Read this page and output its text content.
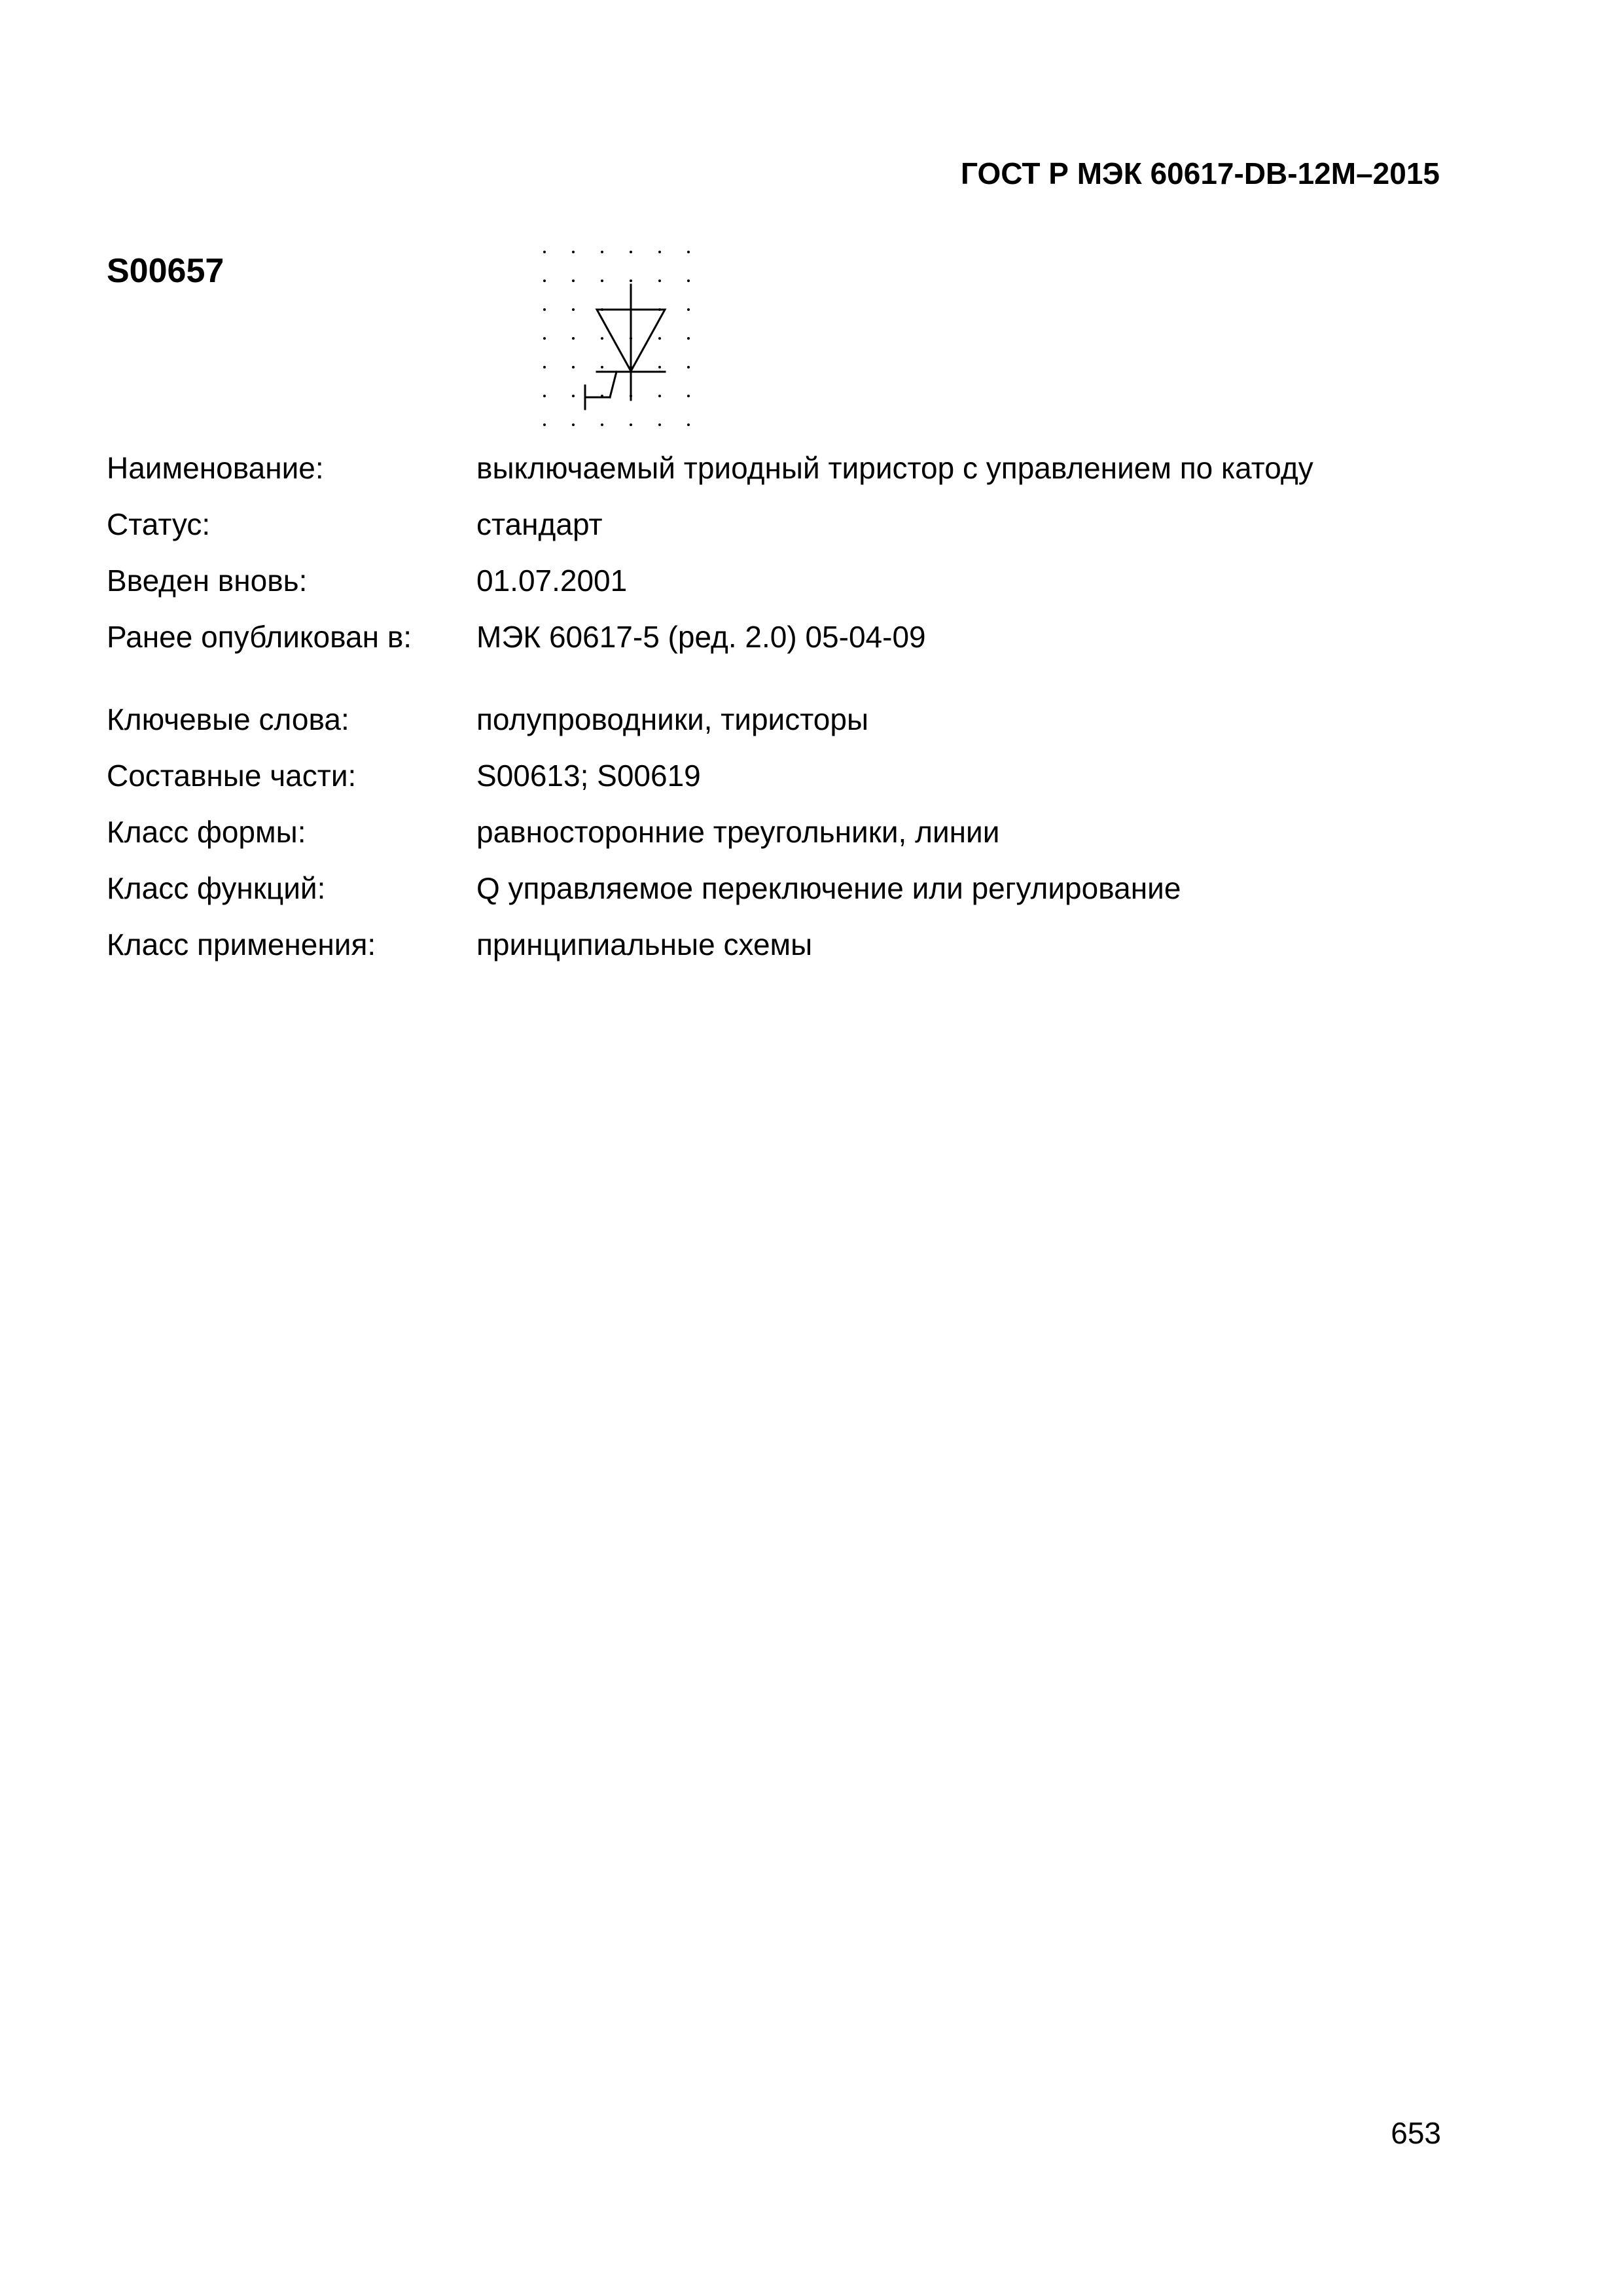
ГОСТ Р МЭК 60617-DB-12M–2015
S00657
Наименование:	выключаемый триодный тиристор с управлением по катоду
Статус:	стандарт
Введен вновь:	01.07.2001
Ранее опубликован в:	МЭК 60617-5 (ред. 2.0) 05-04-09
Ключевые слова:	полупроводники, тиристоры
Составные части:	S00613; S00619
Класс формы:	равносторонние треугольники, линии
Класс функций:	Q управляемое переключение или регулирование
Класс применения:	принципиальные схемы
653
